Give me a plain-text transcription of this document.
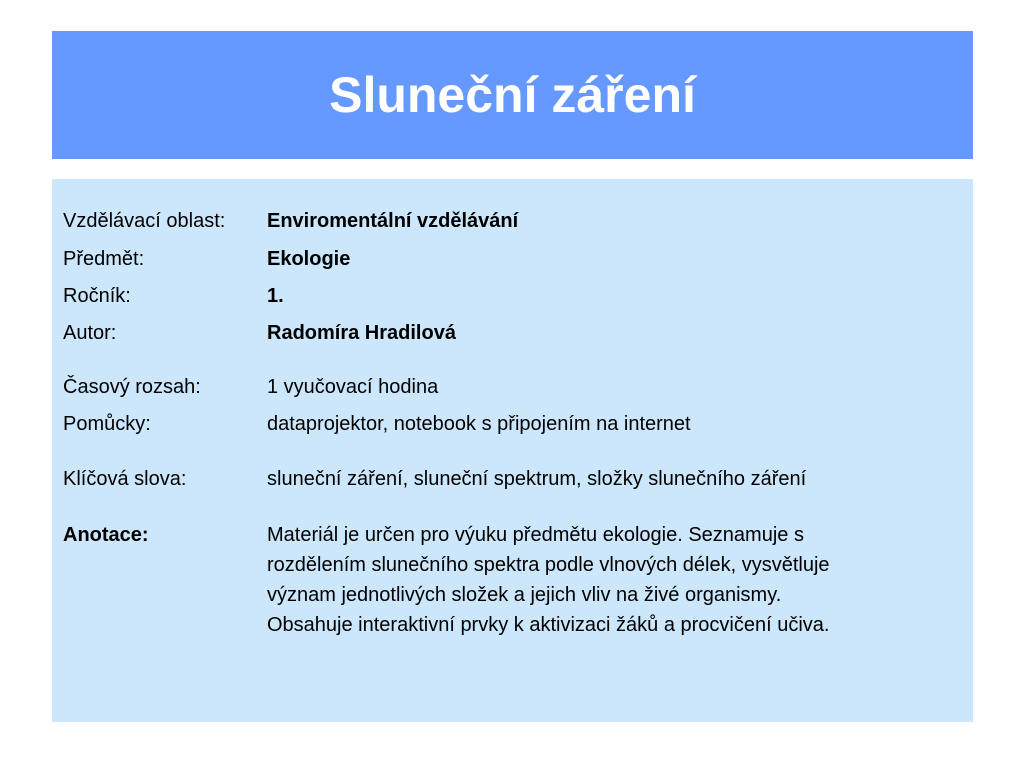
Sluneční záření
Vzdělávací oblast:	Enviromentální vzdělávání
Předmět:	Ekologie
Ročník:	1.
Autor:	Radomíra Hradilová
Časový rozsah:	1 vyučovací hodina
Pomůcky:	dataprojektor, notebook s připojením na internet
Klíčová slova:	sluneční záření, sluneční spektrum, složky slunečního záření
Anotace:	Materiál je určen pro výuku předmětu ekologie. Seznamuje s
rozdělením slunečního spektra podle vlnových délek, vysvětluje
význam jednotlivých složek a jejich vliv na živé organismy.
Obsahuje interaktivní prvky k aktivizaci žáků a procvičení učiva.
